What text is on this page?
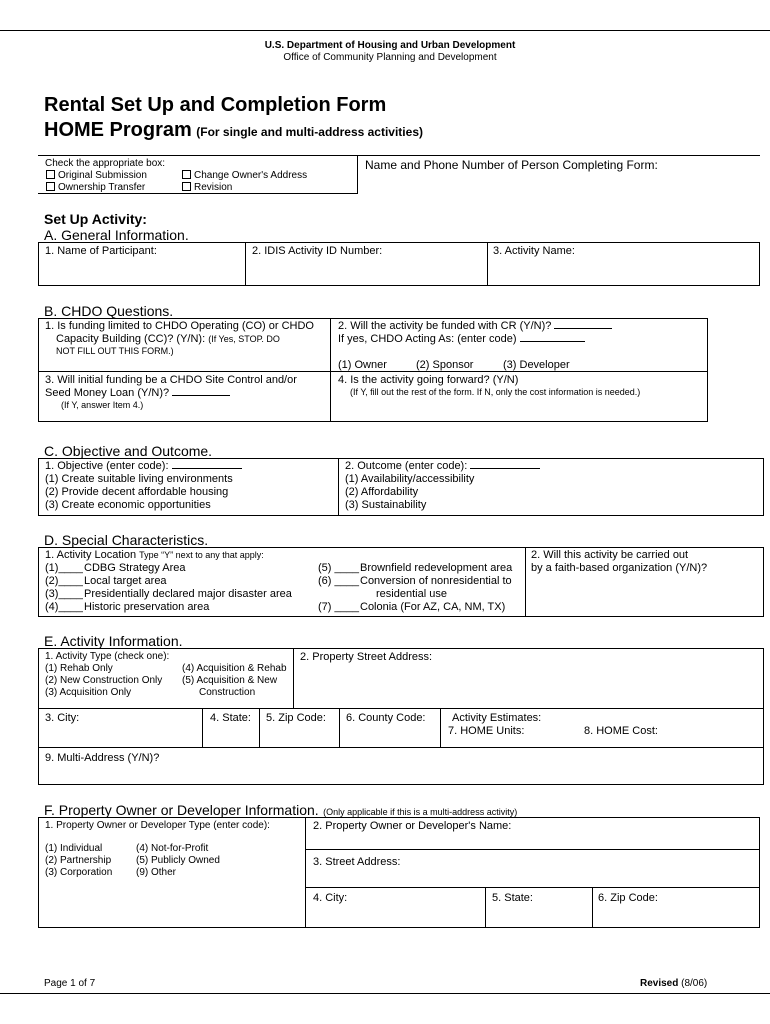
U.S. Department of Housing and Urban Development
Office of Community Planning and Development
Rental Set Up and Completion Form
HOME Program (For single and multi-address activities)
Check the appropriate box:
Original Submission
Ownership Transfer
Change Owner's Address
Revision
Name and Phone Number of Person Completing Form:
Set Up Activity:
A. General Information.
1. Name of Participant:	2. IDIS Activity ID Number:	3. Activity Name:
B. CHDO Questions.
1. Is funding limited to CHDO Operating (CO) or CHDO
Capacity Building (CC)? (Y/N): (If Yes, STOP. DO
NOT FILL OUT THIS FORM.)
2. Will the activity be funded with CR (Y/N)?
If yes, CHDO Acting As: (enter code)
(1) Owner	(2) Sponsor	(3) Developer
3. Will initial funding be a CHDO Site Control and/or
Seed Money Loan (Y/N)?
(If Y, answer Item 4.)
4. Is the activity going forward? (Y/N)
(If Y, fill out the rest of the form. If N, only the cost information is needed.)
C. Objective and Outcome.
1. Objective (enter code):
(1) Create suitable living environments
(2) Provide decent affordable housing
(3) Create economic opportunities
2. Outcome (enter code):
(1) Availability/accessibility
(2) Affordability
(3) Sustainability
D. Special Characteristics.
1. Activity Location Type “Y” next to any that apply:
(1)____ CDBG Strategy Area
(2)____ Local target area
(3)____ Presidentially declared major disaster area
(4)____ Historic preservation area
(5) ____ Brownfield redevelopment area
(6) ____ Conversion of nonresidential to
residential use
(7) ____ Colonia (For AZ, CA, NM, TX)
2. Will this activity be carried out
by a faith-based organization (Y/N)?
E. Activity Information.
1. Activity Type (check one):
(1) Rehab Only
(2) New Construction Only
(3) Acquisition Only
(4) Acquisition & Rehab
(5) Acquisition & New
Construction
2. Property Street Address:
3. City:	4. State: 5. Zip Code: 6. County Code: Activity Estimates:
7. HOME Units:	8. HOME Cost:
9. Multi-Address (Y/N)?
F. Property Owner or Developer Information. (Only applicable if this is a multi-address activity)
1. Property Owner or Developer Type (enter code):
(1) Individual
(2) Partnership
(3) Corporation
(4) Not-for-Profit
(5) Publicly Owned
(9) Other
2. Property Owner or Developer's Name:
3. Street Address:
4. City:	5. State:	6. Zip Code:
Page 1 of 7	Revised (8/06)
